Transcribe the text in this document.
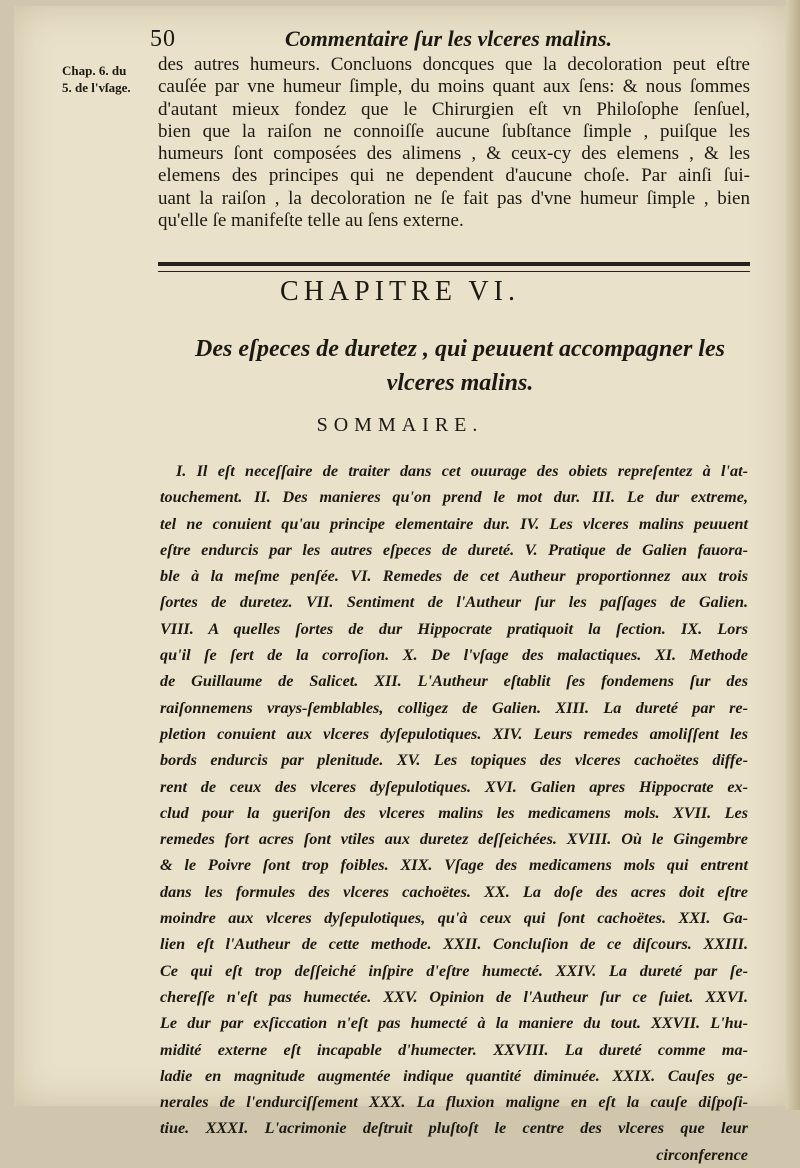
50	Commentaire ſur les vlceres malins.
Chap. 6. du
5. de l'vſage.
des autres humeurs. Concluons doncques que la decoloration peut eſtre
cauſée par vne humeur ſimple, du moins quant aux ſens: & nous ſommes
d'autant mieux fondez que le Chirurgien eſt vn Philoſophe ſenſuel,
bien que la raiſon ne connoiſſe aucune ſubſtance ſimple , puiſque les
humeurs ſont composées des alimens , & ceux-cy des elemens , & les
elemens des principes qui ne dependent d'aucune choſe. Par ainſi ſui-
uant la raiſon , la decoloration ne ſe fait pas d'vne humeur ſimple , bien
qu'elle ſe manifeſte telle au ſens externe.
CHAPITRE VI.
Des eſpeces de duretez , qui peuuent accompagner les
vlceres malins.
SOMMAIRE.
I. Il eſt neceſſaire de traiter dans cet ouurage des obiets repreſentez à l'at-
touchement. II. Des manieres qu'on prend le mot dur. III. Le dur extreme,
tel ne conuient qu'au principe elementaire dur. IV. Les vlceres malins peuuent
eſtre endurcis par les autres eſpeces de dureté. V. Pratique de Galien fauora-
ble à la meſme penſée. VI. Remedes de cet Autheur proportionnez aux trois
ſortes de duretez. VII. Sentiment de l'Autheur ſur les paſſages de Galien.
VIII. A quelles ſortes de dur Hippocrate pratiquoit la ſection. IX. Lors
qu'il ſe ſert de la corroſion. X. De l'vſage des malactiques. XI. Methode
de Guillaume de Salicet. XII. L'Autheur eſtablit ſes fondemens ſur des
raiſonnemens vrays-ſemblables, colligez de Galien. XIII. La dureté par re-
pletion conuient aux vlceres dyſepulotiques. XIV. Leurs remedes amoliſſent les
bords endurcis par plenitude. XV. Les topiques des vlceres cachoëtes diffe-
rent de ceux des vlceres dyſepulotiques. XVI. Galien apres Hippocrate ex-
clud pour la gueriſon des vlceres malins les medicamens mols. XVII. Les
remedes fort acres ſont vtiles aux duretez deſſeichées. XVIII. Où le Gingembre
& le Poivre ſont trop foibles. XIX. Vſage des medicamens mols qui entrent
dans les formules des vlceres cachoëtes. XX. La doſe des acres doit eſtre
moindre aux vlceres dyſepulotiques, qu'à ceux qui ſont cachoëtes. XXI. Ga-
lien eſt l'Autheur de cette methode. XXII. Concluſion de ce diſcours. XXIII.
Ce qui eſt trop deſſeiché inſpire d'eſtre humecté. XXIV. La dureté par ſe-
chereſſe n'eſt pas humectée. XXV. Opinion de l'Autheur ſur ce ſuiet. XXVI.
Le dur par exſiccation n'eſt pas humecté à la maniere du tout. XXVII. L'hu-
midité externe eſt incapable d'humecter. XXVIII. La dureté comme ma-
ladie en magnitude augmentée indique quantité diminuée. XXIX. Cauſes ge-
nerales de l'endurciſſement XXX. La fluxion maligne en eſt la cauſe diſpoſi-
tiue. XXXI. L'acrimonie deſtruit pluſtoſt le centre des vlceres que leur
circonference
